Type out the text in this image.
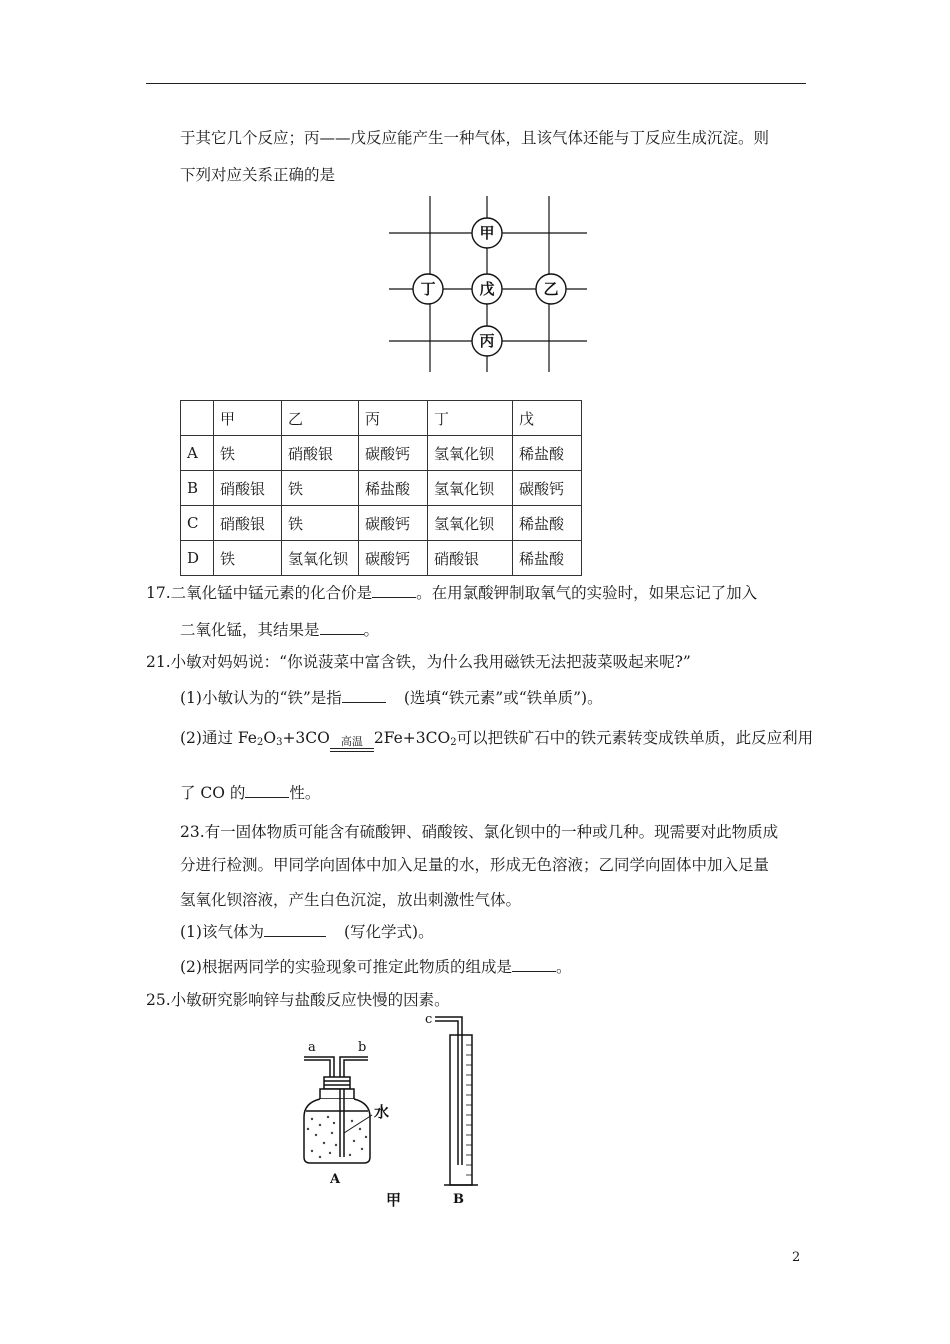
于其它几个反应；丙——戊反应能产生一种气体，且该气体还能与丁反应生成沉淀。则
下列对应关系正确的是
甲
乙
丙
丁	戊
	甲	乙	丙	丁	戊
A	铁	硝酸银	碳酸钙	氢氧化钡	稀盐酸
B	硝酸银	铁	稀盐酸	氢氧化钡	碳酸钙
C	硝酸银	铁	碳酸钙	氢氧化钡	稀盐酸
D	铁	氢氧化钡	碳酸钙	硝酸银	稀盐酸
17.二氧化锰中锰元素的化合价是	。在用氯酸钾制取氧气的实验时，如果忘记了加入
二氧化锰，其结果是	。
21.小敏对妈妈说：“你说菠菜中富含铁，为什么我用磁铁无法把菠菜吸起来呢?”
(1)小敏认为的“铁”是指	(选填“铁元素”或“铁单质”)。
(2)通过 $Fe_2O_3+3CO$	高温 $2Fe+3CO_2$可以把铁矿石中的铁元素转变成铁单质，此反应利用
了 CO 的	性。
23.有一固体物质可能含有硫酸钾、硝酸铵、氯化钡中的一种或几种。现需要对此物质成
分进行检测。甲同学向固体中加入足量的水，形成无色溶液；乙同学向固体中加入足量
氢氧化钡溶液，产生白色沉淀，放出刺激性气体。
(1)该气体为	(写化学式)。
(2)根据两同学的实验现象可推定此物质的组成是	。
25.小敏研究影响锌与盐酸反应快慢的因素。
a	b
c
水
A
B
甲
2
